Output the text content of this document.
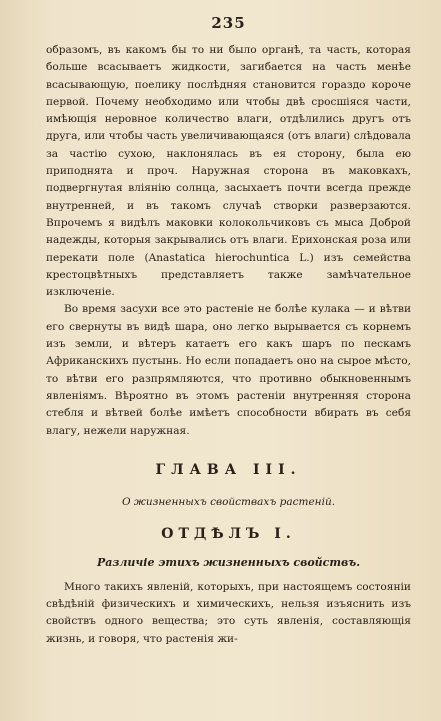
235

образомъ, въ какомъ бы то ни было органѣ, та часть, которая больше всасываетъ жидкости, загибается на часть менѣе всасывающую, поелику послѣдняя становится гораздо короче первой. Почему необходимо или чтобы двѣ сросшіяся части, имѣющія неровное количество влаги, отдѣлились другъ отъ друга, или чтобы часть увеличивающаяся (отъ влаги) слѣдовала за частію сухою, наклонялась въ ея сторону, была ею приподнята и проч. Наружная сторона въ маковкахъ, подвергнутая вліянію солнца, засыхаетъ почти всегда прежде внутренней, и въ такомъ случаѣ створки разверзаются. Впрочемъ я видѣлъ маковки колокольчиковъ съ мыса Доброй надежды, которыя закрывались отъ влаги. Ерихонская роза или перекати поле (Anastatica hierochuntica L.) изъ семейства крестоцвѣтныхъ представляетъ также замѣчательное изключеніе.

Во время засухи все это растеніе не болѣе кулака — и вѣтви его свернуты въ видѣ шара, оно легко вырывается съ корнемъ изъ земли, и вѣтеръ катаетъ его какъ шаръ по пескамъ Африканскихъ пустынь. Но если попадаетъ оно на сырое мѣсто, то вѣтви его разпрямляются, что противно обыкновеннымъ явленіямъ. Вѣроятно въ этомъ растеніи внутренняя сторона стебля и вѣтвей болѣе имѣетъ способности вбирать въ себя влагу, нежели наружная.

ГЛАВА III.
О жизненныхъ свойствахъ растеній.
ОТДѢЛЪ I.
Различіе этихъ жизненныхъ свойствъ.
Много такихъ явленій, которыхъ, при настоящемъ состояніи свѣдѣній физическихъ и химическихъ, нельзя изъяснить изъ свойствъ одного вещества; это суть явленія, составляющія жизнь, и говоря, что растенія жи-
